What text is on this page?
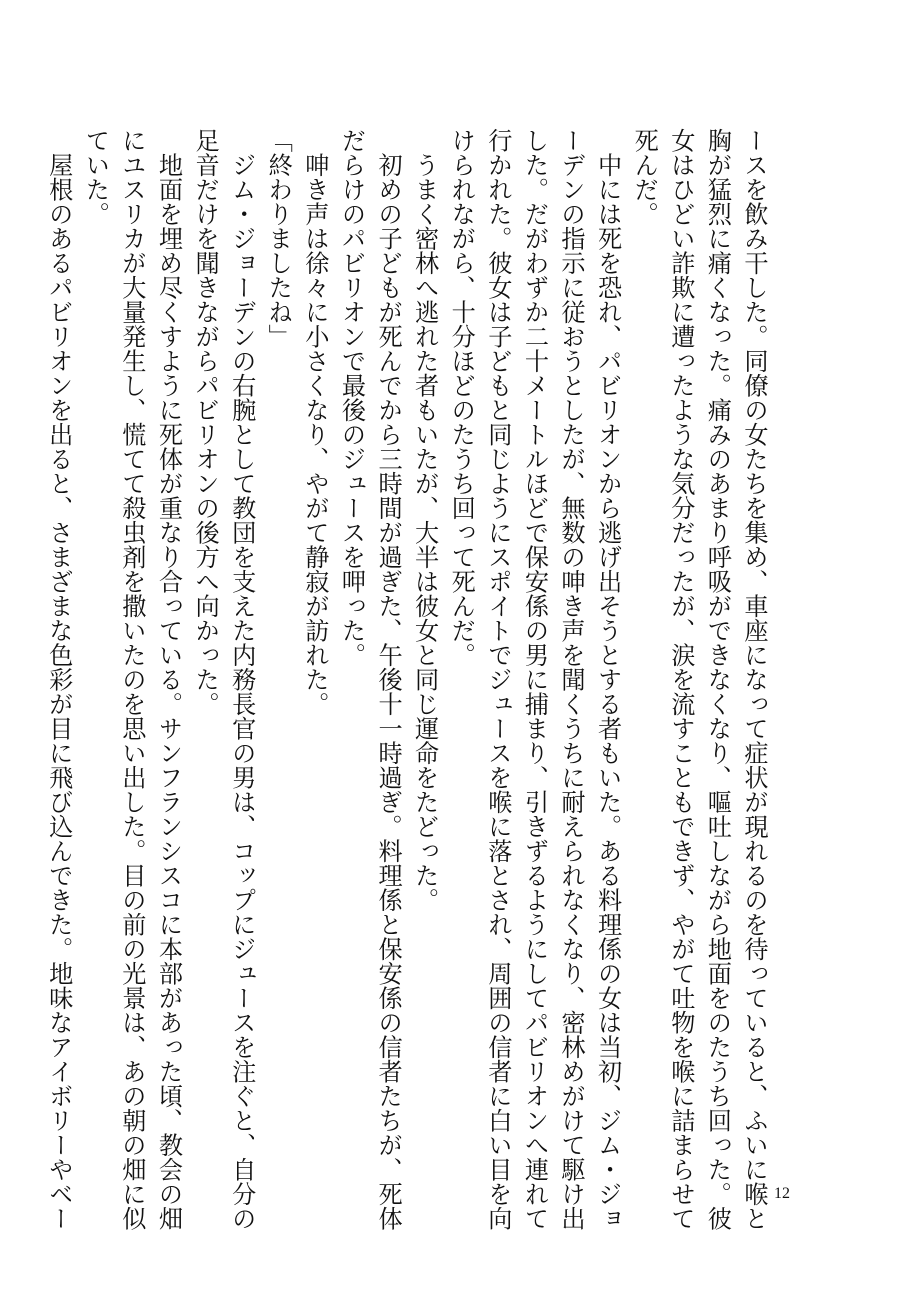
ースを飲み干した。同僚の女たちを集め、車座になって症状が現れるのを待っていると、ふいに喉と
胸が猛烈に痛くなった。痛みのあまり呼吸ができなくなり、嘔吐しながら地面をのたうち回った。彼
女はひどい詐欺に遭ったような気分だったが、涙を流すこともできず、やがて吐物を喉に詰まらせて
死んだ。
　中には死を恐れ、パビリオンから逃げ出そうとする者もいた。ある料理係の女は当初、ジム・ジョ
ーデンの指示に従おうとしたが、無数の呻き声を聞くうちに耐えられなくなり、密林めがけて駆け出
した。だがわずか二十メートルほどで保安係の男に捕まり、引きずるようにしてパビリオンへ連れて
行かれた。彼女は子どもと同じようにスポイトでジュースを喉に落とされ、周囲の信者に白い目を向
けられながら、十分ほどのたうち回って死んだ。
　うまく密林へ逃れた者もいたが、大半は彼女と同じ運命をたどった。
　初めの子どもが死んでから三時間が過ぎた、午後十一時過ぎ。料理係と保安係の信者たちが、死体
だらけのパビリオンで最後のジュースを呷った。
　呻き声は徐々に小さくなり、やがて静寂が訪れた。
「終わりましたね」
　ジム・ジョーデンの右腕として教団を支えた内務長官の男は、コップにジュースを注ぐと、自分の
足音だけを聞きながらパビリオンの後方へ向かった。
　地面を埋め尽くすように死体が重なり合っている。サンフランシスコに本部があった頃、教会の畑
にユスリカが大量発生し、慌てて殺虫剤を撒いたのを思い出した。目の前の光景は、あの朝の畑に似
ていた。
　屋根のあるパビリオンを出ると、さまざまな色彩が目に飛び込んできた。地味なアイボリーやベー	12
